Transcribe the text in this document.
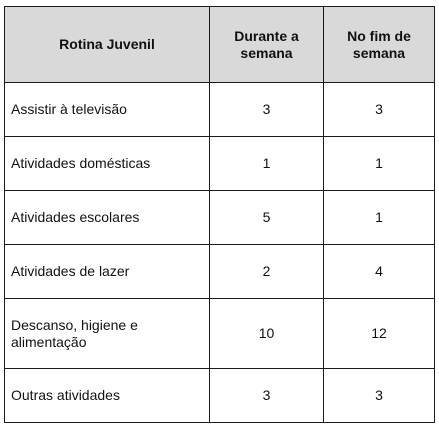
Rotina Juvenil	Durante a semana	No fim de semana
Assistir à televisão	3	3
Atividades domésticas	1	1
Atividades escolares	5	1
Atividades de lazer	2	4
Descanso, higiene e alimentação	10	12
Outras atividades	3	3
